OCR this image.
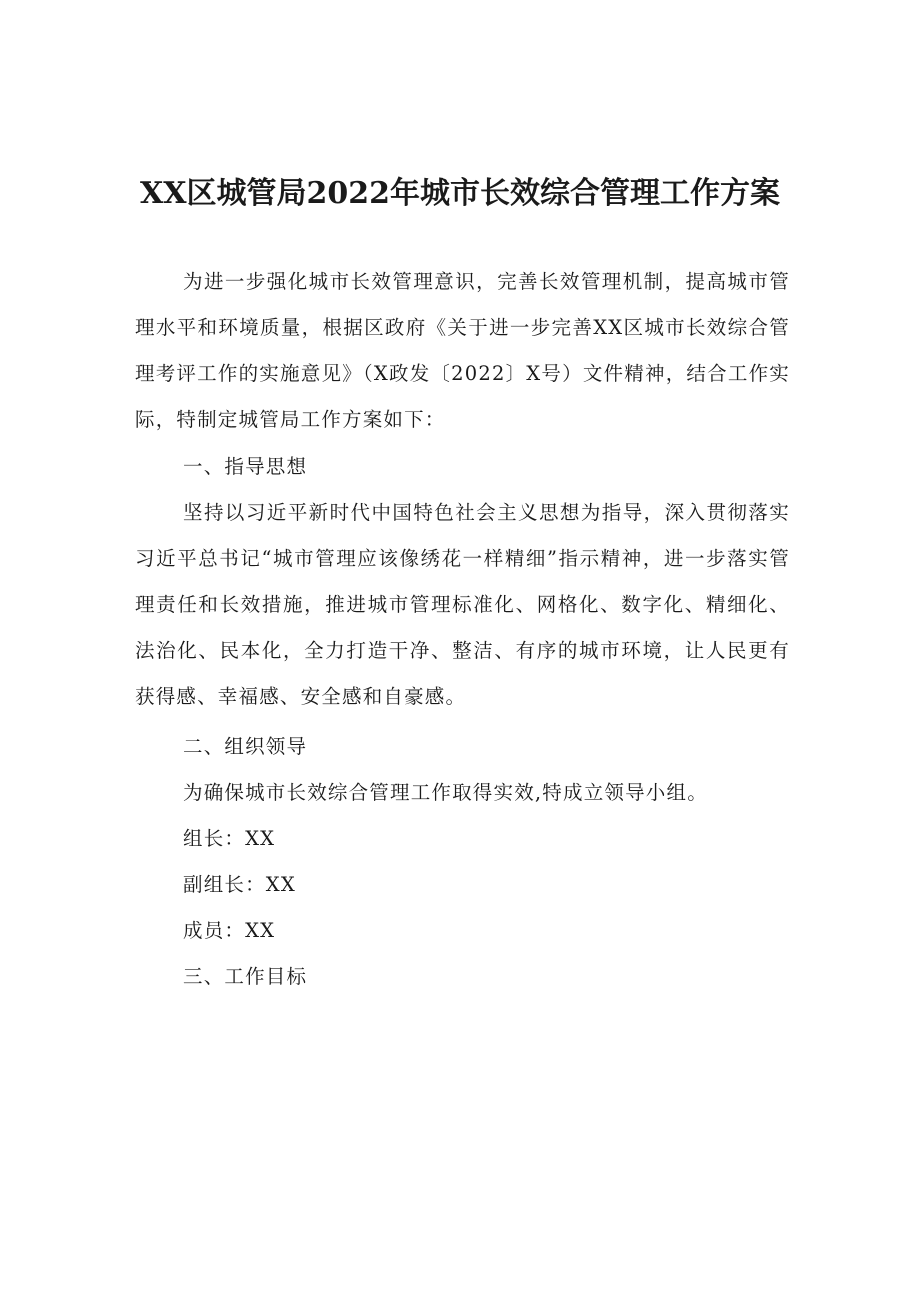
XX区城管局2022年城市长效综合管理工作方案

为进一步强化城市长效管理意识，完善长效管理机制，提高城市管理水平和环境质量，根据区政府《关于进一步完善XX区城市长效综合管理考评工作的实施意见》（X政发〔2022〕X号）文件精神，结合工作实际，特制定城管局工作方案如下：

一、指导思想

坚持以习近平新时代中国特色社会主义思想为指导，深入贯彻落实习近平总书记“城市管理应该像绣花一样精细”指示精神，进一步落实管理责任和长效措施，推进城市管理标准化、网格化、数字化、精细化、法治化、民本化，全力打造干净、整洁、有序的城市环境，让人民更有获得感、幸福感、安全感和自豪感。

二、组织领导

为确保城市长效综合管理工作取得实效,特成立领导小组。

组长：XX

副组长：XX

成员：XX

三、工作目标
